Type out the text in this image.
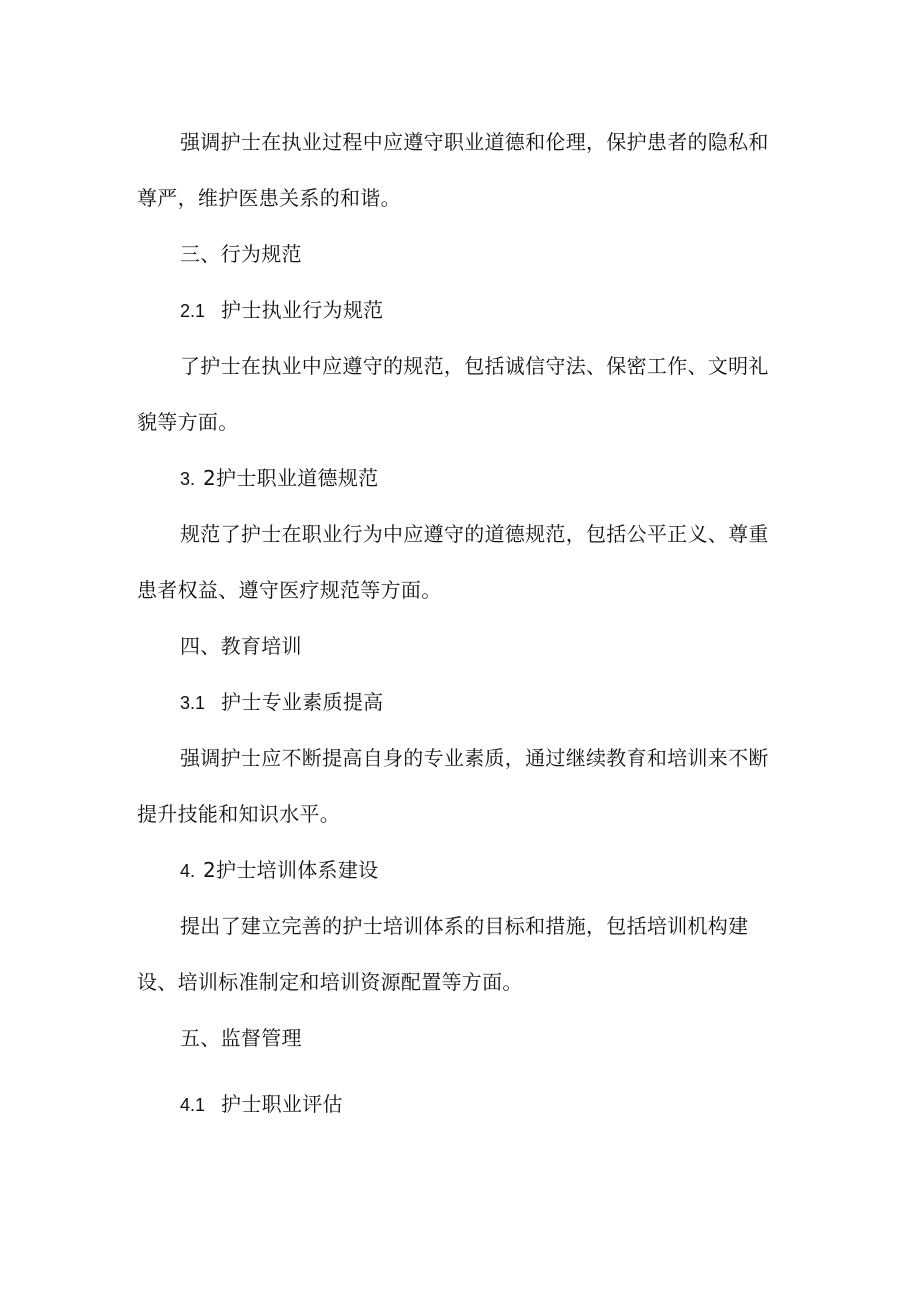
强调护士在执业过程中应遵守职业道德和伦理，保护患者的隐私和

尊严，维护医患关系的和谐。

三、行为规范

2.1 护士执业行为规范

了护士在执业中应遵守的规范，包括诚信守法、保密工作、文明礼

貌等方面。

3. 2护士职业道德规范

规范了护士在职业行为中应遵守的道德规范，包括公平正义、尊重

患者权益、遵守医疗规范等方面。

四、教育培训

3.1 护士专业素质提高

强调护士应不断提高自身的专业素质，通过继续教育和培训来不断

提升技能和知识水平。

4. 2护士培训体系建设

提出了建立完善的护士培训体系的目标和措施，包括培训机构建

设、培训标准制定和培训资源配置等方面。

五、监督管理

4.1 护士职业评估
